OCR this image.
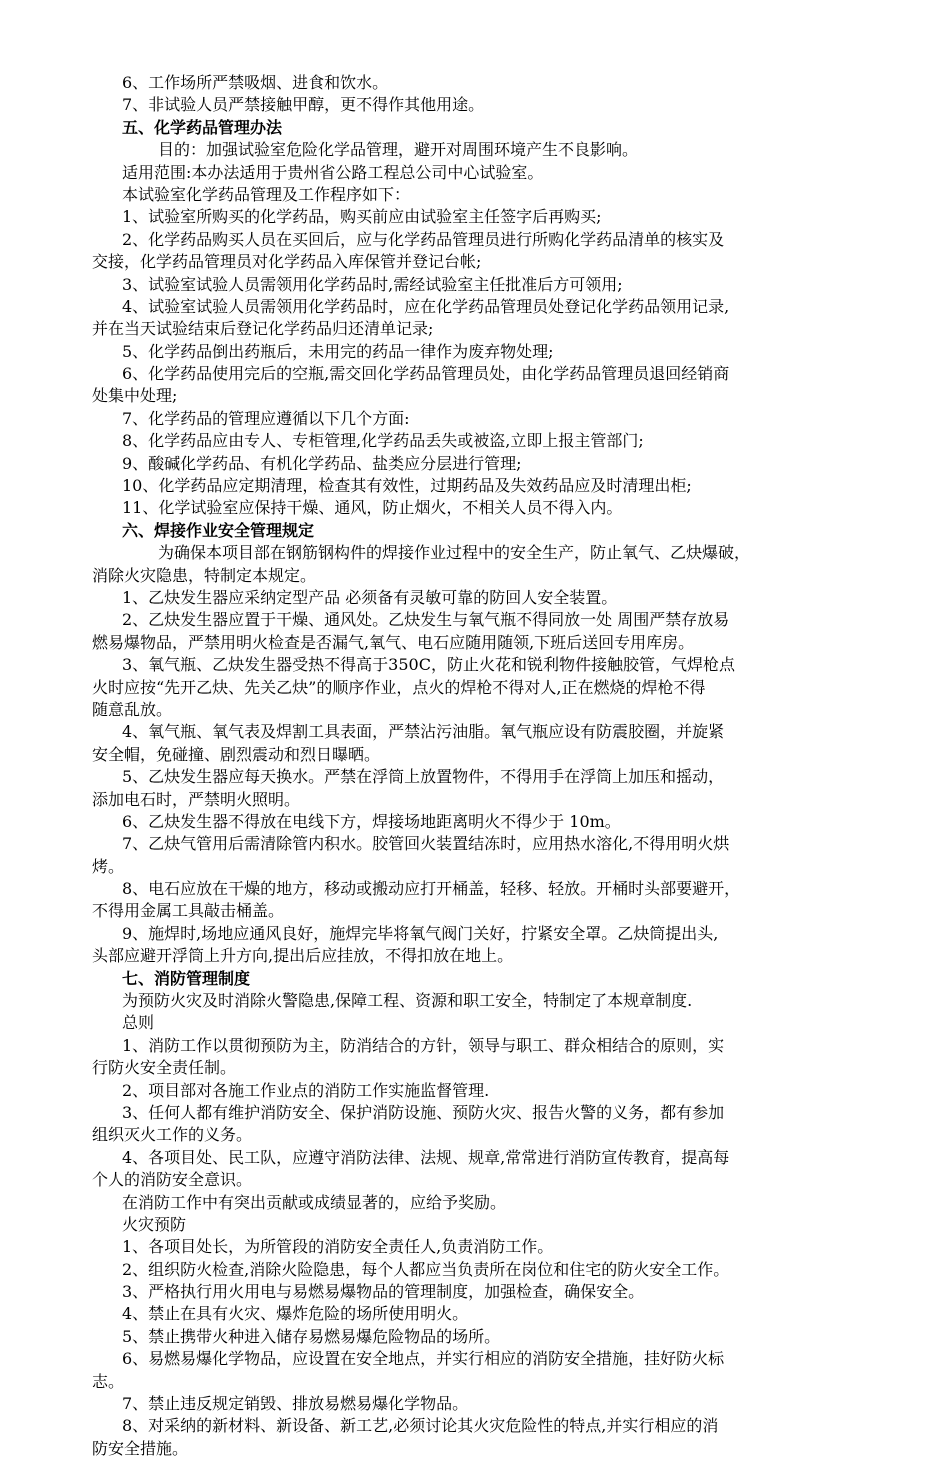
6、工作场所严禁吸烟、进食和饮水。
7、非试验人员严禁接触甲醇，更不得作其他用途。
五、化学药品管理办法
目的：加强试验室危险化学品管理，避开对周围环境产生不良影响。
适用范围:本办法适用于贵州省公路工程总公司中心试验室。
本试验室化学药品管理及工作程序如下：
1、试验室所购买的化学药品，购买前应由试验室主任签字后再购买;
2、化学药品购买人员在买回后，应与化学药品管理员进行所购化学药品清单的核实及
交接，化学药品管理员对化学药品入库保管并登记台帐;
3、试验室试验人员需领用化学药品时,需经试验室主任批准后方可领用;
4、试验室试验人员需领用化学药品时，应在化学药品管理员处登记化学药品领用记录,
并在当天试验结束后登记化学药品归还清单记录;
5、化学药品倒出药瓶后，未用完的药品一律作为废弃物处理;
6、化学药品使用完后的空瓶,需交回化学药品管理员处，由化学药品管理员退回经销商
处集中处理;
7、化学药品的管理应遵循以下几个方面:
8、化学药品应由专人、专柜管理,化学药品丢失或被盗,立即上报主管部门;
9、酸碱化学药品、有机化学药品、盐类应分层进行管理;
10、化学药品应定期清理，检查其有效性，过期药品及失效药品应及时清理出柜;
11、化学试验室应保持干燥、通风，防止烟火，不相关人员不得入内。
六、焊接作业安全管理规定
为确保本项目部在钢筋钢构件的焊接作业过程中的安全生产，防止氧气、乙炔爆破，
消除火灾隐患，特制定本规定。
1、乙炔发生器应采纳定型产品 必须备有灵敏可靠的防回人安全装置。
2、乙炔发生器应置于干燥、通风处。乙炔发生与氧气瓶不得同放一处 周围严禁存放易
燃易爆物品，严禁用明火检查是否漏气,氧气、电石应随用随领,下班后送回专用库房。
3、氧气瓶、乙炔发生器受热不得高于350C，防止火花和锐利物件接触胶管，气焊枪点
火时应按“先开乙炔、先关乙炔”的顺序作业，点火的焊枪不得对人,正在燃烧的焊枪不得
随意乱放。
4、氧气瓶、氧气表及焊割工具表面，严禁沾污油脂。氧气瓶应设有防震胶圈，并旋紧
安全帽，免碰撞、剧烈震动和烈日曝晒。
5、乙炔发生器应每天换水。严禁在浮筒上放置物件，不得用手在浮筒上加压和摇动，
添加电石时，严禁明火照明。
6、乙炔发生器不得放在电线下方，焊接场地距离明火不得少于 10m。
7、乙炔气管用后需清除管内积水。胶管回火装置结冻时，应用热水溶化,不得用明火烘
烤。
8、电石应放在干燥的地方，移动或搬动应打开桶盖，轻移、轻放。开桶时头部要避开，
不得用金属工具敲击桶盖。
9、施焊时,场地应通风良好，施焊完毕将氧气阀门关好，拧紧安全罩。乙炔筒提出头,
头部应避开浮筒上升方向,提出后应挂放，不得扣放在地上。
七、消防管理制度
为预防火灾及时消除火警隐患,保障工程、资源和职工安全，特制定了本规章制度.
总则
1、消防工作以贯彻预防为主，防消结合的方针，领导与职工、群众相结合的原则，实
行防火安全责任制。
2、项目部对各施工作业点的消防工作实施监督管理.
3、任何人都有维护消防安全、保护消防设施、预防火灾、报告火警的义务，都有参加
组织灭火工作的义务。
4、各项目处、民工队，应遵守消防法律、法规、规章,常常进行消防宣传教育，提高每
个人的消防安全意识。
在消防工作中有突出贡献或成绩显著的，应给予奖励。
火灾预防
1、各项目处长，为所管段的消防安全责任人,负责消防工作。
2、组织防火检查,消除火险隐患，每个人都应当负责所在岗位和住宅的防火安全工作。
3、严格执行用火用电与易燃易爆物品的管理制度，加强检查，确保安全。
4、禁止在具有火灾、爆炸危险的场所使用明火。
5、禁止携带火种进入储存易燃易爆危险物品的场所。
6、易燃易爆化学物品，应设置在安全地点，并实行相应的消防安全措施，挂好防火标
志。
7、禁止违反规定销毁、排放易燃易爆化学物品。
8、对采纳的新材料、新设备、新工艺,必须讨论其火灾危险性的特点,并实行相应的消
防安全措施。
